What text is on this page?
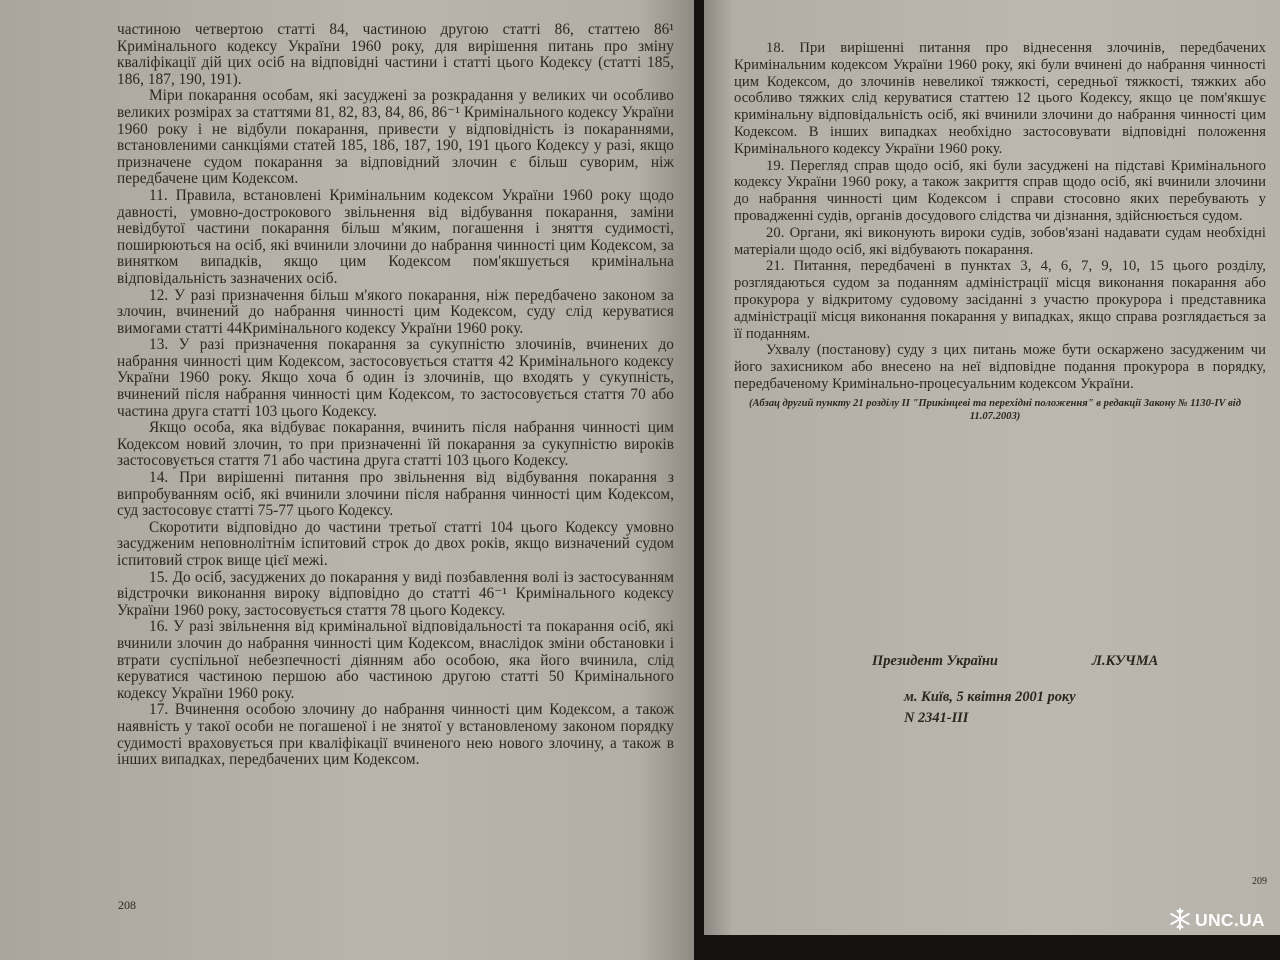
частиною четвертою статті 84, частиною другою статті 86, статтею 86¹ Кримінального кодексу України 1960 року, для вирішення питань про зміну кваліфікації дій цих осіб на відповідні частини і статті цього Кодексу (статті 185, 186, 187, 190, 191).

Міри покарання особам, які засуджені за розкрадання у великих чи особливо великих розмірах за статтями 81, 82, 83, 84, 86, 86⁻¹ Кримінального кодексу України 1960 року і не відбули покарання, привести у відповідність із покараннями, встановленими санкціями статей 185, 186, 187, 190, 191 цього Кодексу у разі, якщо призначене судом покарання за відповідний злочин є більш суворим, ніж передбачене цим Кодексом.

11. Правила, встановлені Кримінальним кодексом України 1960 року щодо давності, умовно-дострокового звільнення від відбування покарання, заміни невідбутої частини покарання більш м'яким, погашення і зняття судимості, поширюються на осіб, які вчинили злочини до набрання чинності цим Кодексом, за винятком випадків, якщо цим Кодексом пом'якшується кримінальна відповідальність зазначених осіб.

12. У разі призначення більш м'якого покарання, ніж передбачено законом за злочин, вчинений до набрання чинності цим Кодексом, суду слід керуватися вимогами статті 44Кримінального кодексу України 1960 року.

13. У разі призначення покарання за сукупністю злочинів, вчинених до набрання чинності цим Кодексом, застосовується стаття 42 Кримінального кодексу України 1960 року. Якщо хоча б один із злочинів, що входять у сукупність, вчинений після набрання чинності цим Кодексом, то застосовується стаття 70 або частина друга статті 103 цього Кодексу.

Якщо особа, яка відбуває покарання, вчинить після набрання чинності цим Кодексом новий злочин, то при призначенні їй покарання за сукупністю вироків застосовується стаття 71 або частина друга статті 103 цього Кодексу.

14. При вирішенні питання про звільнення від відбування покарання з випробуванням осіб, які вчинили злочини після набрання чинності цим Кодексом, суд застосовує статті 75-77 цього Кодексу.

Скоротити відповідно до частини третьої статті 104 цього Кодексу умовно засудженим неповнолітнім іспитовий строк до двох років, якщо визначений судом іспитовий строк вище цієї межі.

15. До осіб, засуджених до покарання у виді позбавлення волі із застосуванням відстрочки виконання вироку відповідно до статті 46⁻¹ Кримінального кодексу України 1960 року, застосовується стаття 78 цього Кодексу.

16. У разі звільнення від кримінальної відповідальності та покарання осіб, які вчинили злочин до набрання чинності цим Кодексом, внаслідок зміни обстановки і втрати суспільної небезпечності діянням або особою, яка його вчинила, слід керуватися частиною першою або частиною другою статті 50 Кримінального кодексу України 1960 року.

17. Вчинення особою злочину до набрання чинності цим Кодексом, а також наявність у такої особи не погашеної і не знятої у встановленому законом порядку судимості враховується при кваліфікації вчиненого нею нового злочину, а також в інших випадках, передбачених цим Кодексом.

208

18. При вирішенні питання про віднесення злочинів, передбачених Кримінальним кодексом України 1960 року, які були вчинені до набрання чинності цим Кодексом, до злочинів невеликої тяжкості, середньої тяжкості, тяжких або особливо тяжких слід керуватися статтею 12 цього Кодексу, якщо це пом'якшує кримінальну відповідальність осіб, які вчинили злочини до набрання чинності цим Кодексом. В інших випадках необхідно застосовувати відповідні положення Кримінального кодексу України 1960 року.

19. Перегляд справ щодо осіб, які були засуджені на підставі Кримінального кодексу України 1960 року, а також закриття справ щодо осіб, які вчинили злочини до набрання чинності цим Кодексом і справи стосовно яких перебувають у провадженні судів, органів досудового слідства чи дізнання, здійснюється судом.

20. Органи, які виконують вироки судів, зобов'язані надавати судам необхідні матеріали щодо осіб, які відбувають покарання.

21. Питання, передбачені в пунктах 3, 4, 6, 7, 9, 10, 15 цього розділу, розглядаються судом за поданням адміністрації місця виконання покарання або прокурора у відкритому судовому засіданні з участю прокурора і представника адміністрації місця виконання покарання у випадках, якщо справа розглядається за її поданням.

Ухвалу (постанову) суду з цих питань може бути оскаржено засудженим чи його захисником або внесено на неї відповідне подання прокурора в порядку, передбаченому Кримінально-процесуальним кодексом України.

(Абзац другий пункту 21 розділу II "Прикінцеві та перехідні положення" в редакції Закону № 1130-IV від 11.07.2003)

Президент України	Л.КУЧМА
м. Київ, 5 квітня 2001 року
N 2341-III
209
UNC.UA
